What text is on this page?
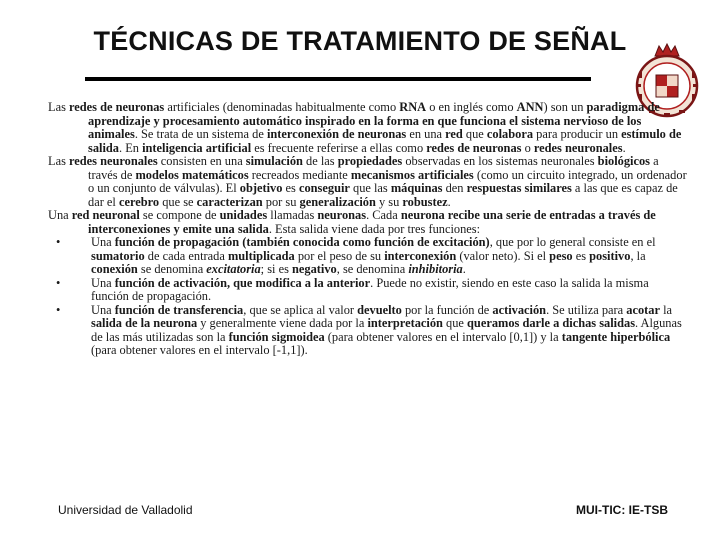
TÉCNICAS DE TRATAMIENTO DE SEÑAL

Las redes de neuronas artificiales (denominadas habitualmente como RNA o en inglés como ANN) son un paradigma de aprendizaje y procesamiento automático inspirado en la forma en que funciona el sistema nervioso de los animales. Se trata de un sistema de interconexión de neuronas en una red que colabora para producir un estímulo de salida. En inteligencia artificial es frecuente referirse a ellas como redes de neuronas o redes neuronales.

Las redes neuronales consisten en una simulación de las propiedades observadas en los sistemas neuronales biológicos a través de modelos matemáticos recreados mediante mecanismos artificiales (como un circuito integrado, un ordenador o un conjunto de válvulas). El objetivo es conseguir que las máquinas den respuestas similares a las que es capaz de dar el cerebro que se caracterizan por su generalización y su robustez.

Una red neuronal se compone de unidades llamadas neuronas. Cada neurona recibe una serie de entradas a través de interconexiones y emite una salida. Esta salida viene dada por tres funciones:

• Una función de propagación (también conocida como función de excitación), que por lo general consiste en el sumatorio de cada entrada multiplicada por el peso de su interconexión (valor neto). Si el peso es positivo, la conexión se denomina excitatoria; si es negativo, se denomina inhibitoria.
• Una función de activación, que modifica a la anterior. Puede no existir, siendo en este caso la salida la misma función de propagación.
• Una función de transferencia, que se aplica al valor devuelto por la función de activación. Se utiliza para acotar la salida de la neurona y generalmente viene dada por la interpretación que queramos darle a dichas salidas. Algunas de las más utilizadas son la función sigmoidea (para obtener valores en el intervalo [0,1]) y la tangente hiperbólica (para obtener valores en el intervalo [-1,1]).
Universidad de Valladolid	MUI-TIC: IE-TSB
